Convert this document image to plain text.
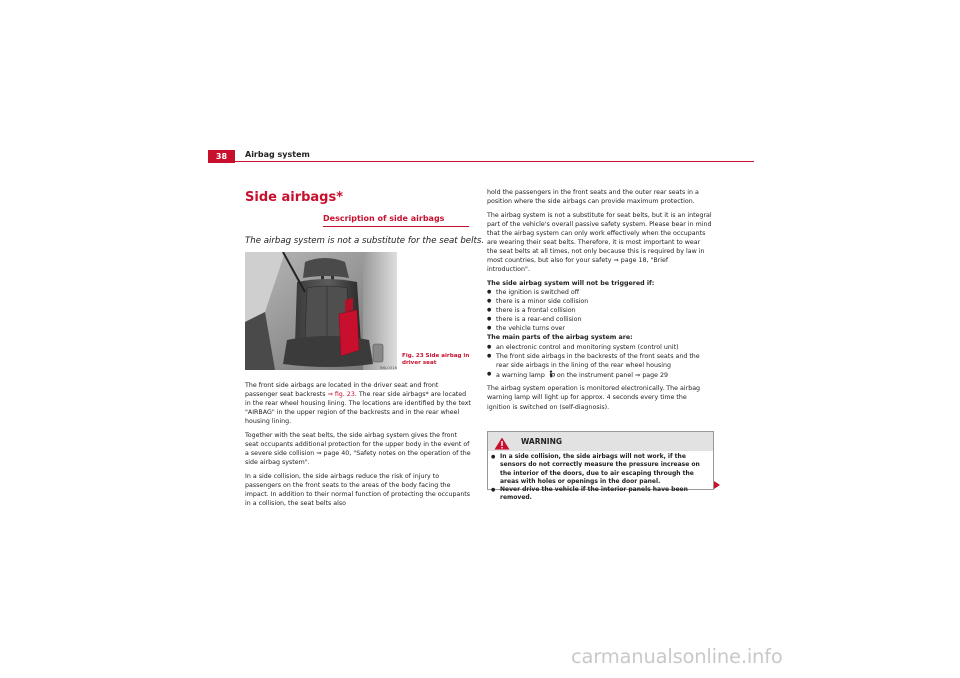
38	Airbag system
Side airbags*
Description of side airbags
The airbag system is not a substitute for the seat belts.
B6J-0316
Fig. 23 Side airbag in driver seat

The front side airbags are located in the driver seat and front passenger seat backrests ⇒ fig. 23. The rear side airbags* are located in the rear wheel housing lining. The locations are identified by the text "AIRBAG" in the upper region of the backrests and in the rear wheel housing lining.

Together with the seat belts, the side airbag system gives the front seat occupants additional protection for the upper body in the event of a severe side collision ⇒ page 40, "Safety notes on the operation of the side airbag system".

In a side collision, the side airbags reduce the risk of injury to passengers on the front seats to the areas of the body facing the impact. In addition to their normal function of protecting the occupants in a collision, the seat belts also

hold the passengers in the front seats and the outer rear seats in a position where the side airbags can provide maximum protection.

The airbag system is not a substitute for seat belts, but it is an integral part of the vehicle's overall passive safety system. Please bear in mind that the airbag system can only work effectively when the occupants are wearing their seat belts. Therefore, it is most important to wear the seat belts at all times, not only because this is required by law in most countries, but also for your safety ⇒ page 18, "Brief introduction".

The side airbag system will not be triggered if:

● the ignition is switched off

● there is a minor side collision

● there is a frontal collision

● there is a rear-end collision

● the vehicle turns over

The main parts of the airbag system are:

● an electronic control and monitoring system (control unit)

● The front side airbags in the backrests of the front seats and the rear side airbags in the lining of the rear wheel housing

● a warning lamp  on the instrument panel ⇒ page 29

The airbag system operation is monitored electronically. The airbag warning lamp will light up for approx. 4 seconds every time the ignition is switched on (self-diagnosis).

WARNING
● In a side collision, the side airbags will not work, if the sensors do not correctly measure the pressure increase on the interior of the doors, due to air escaping through the areas with holes or openings in the door panel.
● Never drive the vehicle if the interior panels have been removed.
carmanualsonline.info
